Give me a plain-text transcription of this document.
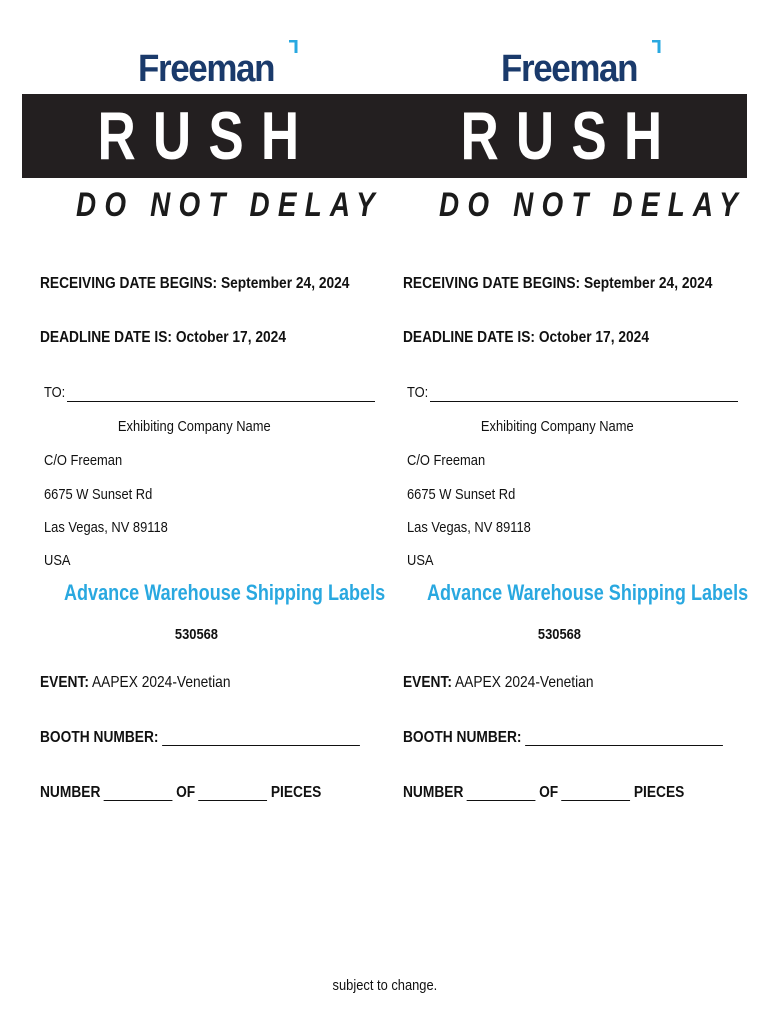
Freeman
RUSH
DO NOT DELAY
RECEIVING DATE BEGINS: September 24, 2024
DEADLINE DATE IS: October 17, 2024
TO:
Exhibiting Company Name
C/O Freeman
6675 W Sunset Rd
Las Vegas, NV 89118
USA
Advance Warehouse Shipping Labels
530568
EVENT: AAPEX 2024-Venetian
BOOTH NUMBER:
NUMBER	OF	PIECES
Freeman
RUSH
DO NOT DELAY
RECEIVING DATE BEGINS: September 24, 2024
DEADLINE DATE IS: October 17, 2024
TO:
Exhibiting Company Name
C/O Freeman
6675 W Sunset Rd
Las Vegas, NV 89118
USA
Advance Warehouse Shipping Labels
530568
EVENT: AAPEX 2024-Venetian
BOOTH NUMBER:
NUMBER	OF	PIECES
subject to change.
